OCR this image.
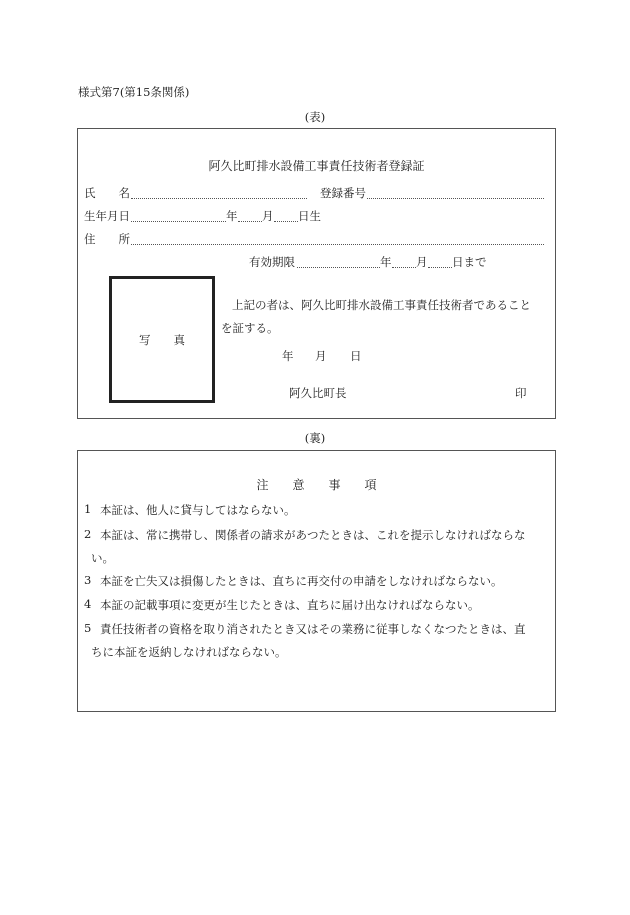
様式第7(第15条関係)
(表)
阿久比町排水設備工事責任技術者登録証
氏　　名	登録番号
生年月日	年 月 日生
住　　所
有効期限	年 月 日まで
写　　真
上記の者は、阿久比町排水設備工事責任技術者であること
を証する。
年 月 日
阿久比町長	印
(裏)
注　　意　　事　　項
1 本証は、他人に貸与してはならない。
2 本証は、常に携帯し、関係者の請求があつたときは、これを提示しなければならな
い。
3 本証を亡失又は損傷したときは、直ちに再交付の申請をしなければならない。
4 本証の記載事項に変更が生じたときは、直ちに届け出なければならない。
5 責任技術者の資格を取り消されたとき又はその業務に従事しなくなつたときは、直
ちに本証を返納しなければならない。
